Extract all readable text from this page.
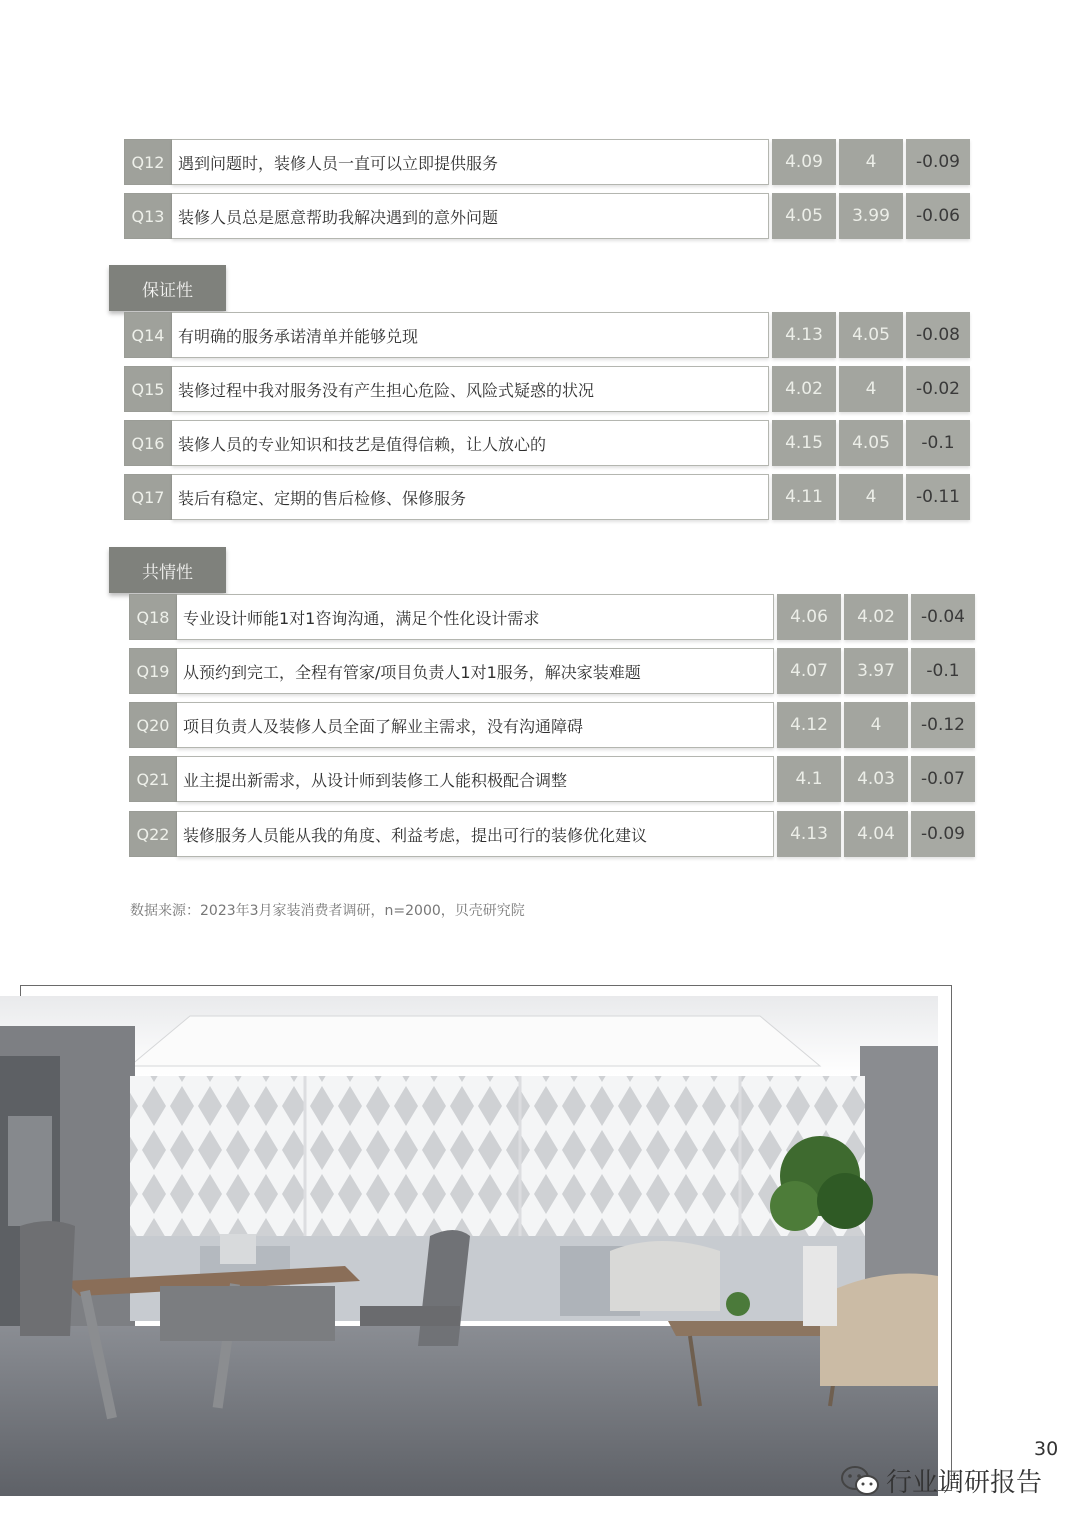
保证性
共情性
Q12 遇到问题时，装修人员一直可以立即提供服务	4.09	4	-0.09
Q13 装修人员总是愿意帮助我解决遇到的意外问题	4.05	3.99	-0.06
Q14 有明确的服务承诺清单并能够兑现	4.13	4.05	-0.08
Q15 装修过程中我对服务没有产生担心危险、风险式疑惑的状况	4.02	4	-0.02
Q16 装修人员的专业知识和技艺是值得信赖，让人放心的	4.15	4.05	-0.1
Q17 装后有稳定、定期的售后检修、保修服务	4.11	4	-0.11
Q18 专业设计师能1对1咨询沟通，满足个性化设计需求	4.06	4.02	-0.04
Q19 从预约到完工，全程有管家/项目负责人1对1服务，解决家装难题	4.07	3.97	-0.1
Q20 项目负责人及装修人员全面了解业主需求，没有沟通障碍	4.12	4	-0.12
Q21 业主提出新需求，从设计师到装修工人能积极配合调整	4.1	4.03	-0.07
Q22 装修服务人员能从我的角度、利益考虑，提出可行的装修优化建议	4.13	4.04	-0.09
数据来源：2023年3月家装消费者调研，n=2000，贝壳研究院
30
行业调研报告
